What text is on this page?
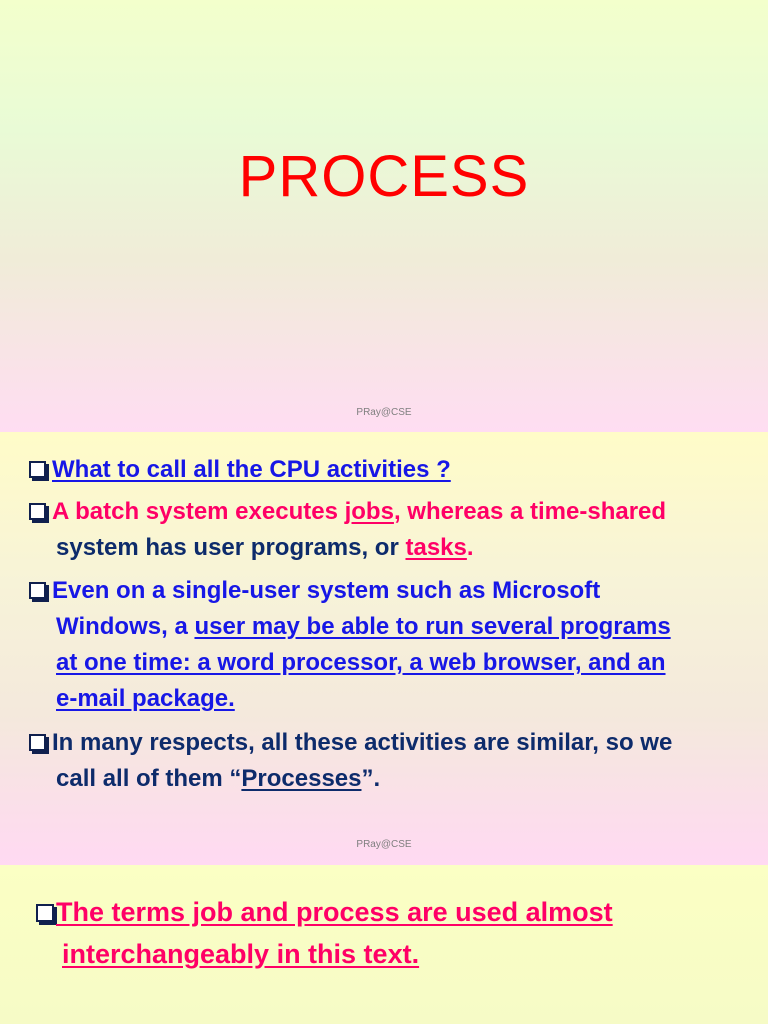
PROCESS
PRay@CSE
What to call all the CPU activities ?
A batch system executes jobs, whereas a time-shared
system has user programs, or tasks.
Even on a single-user system such as Microsoft
Windows, a user may be able to run several programs
at one time: a word processor, a web browser, and an
e-mail package.
In many respects, all these activities are similar, so we
call all of them “Processes”.
PRay@CSE
The terms job and process are used almost
interchangeably in this text.
